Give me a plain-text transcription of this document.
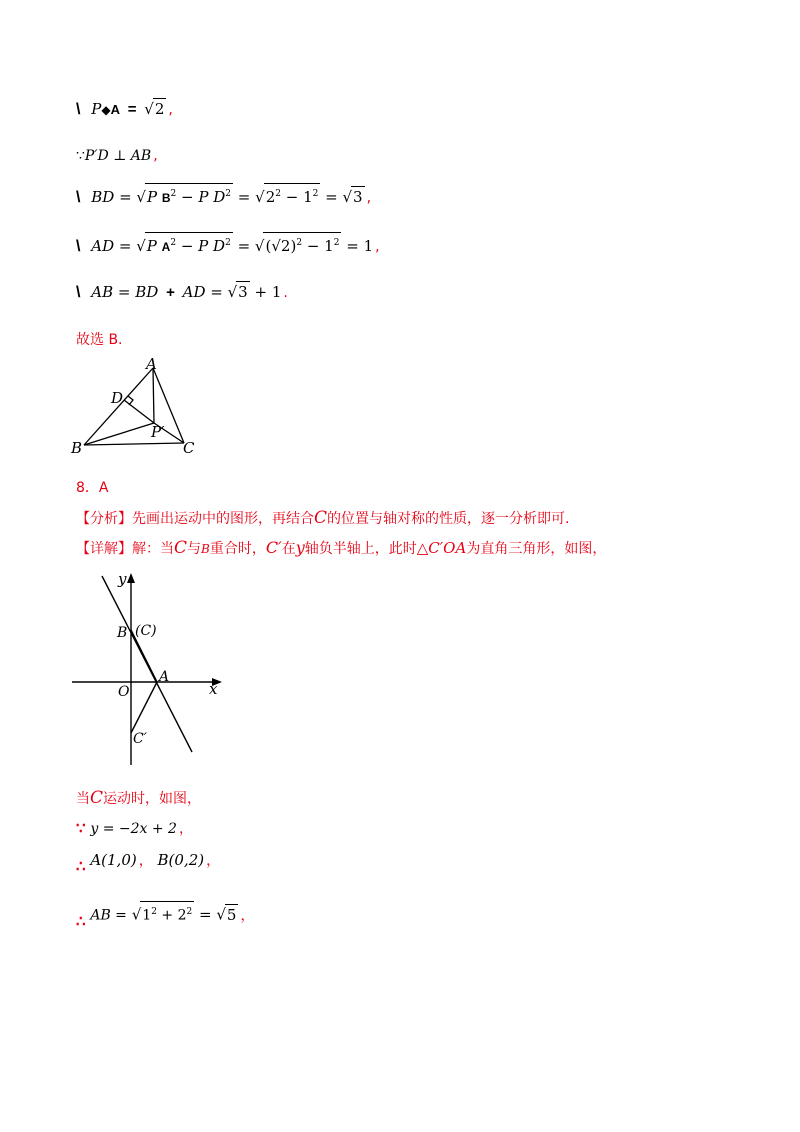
\ P◆A = √2 ,
∵P′D ⊥ AB ,
\ BD = √P $B^2 - P$ $D^2 = √2^2 - 1^2 = √3$ ,
\ AD = √P $A^2 - P$ $D^2 = √(√2)^2 - 1^2 = 1$ ,
\ AB = BD + AD = √3 + 1 .
故选 B.
A
D
B
P′
C
8．A
【分析】先画出运动中的图形，再结合C的位置与轴对称的性质，逐一分析即可.
【详解】解：当C与B重合时，C′在y轴负半轴上，此时△C′OA为直角三角形，如图，
y
x
B (C)
A
O
C′
当C运动时，如图，
∵ y = −2x + 2 ，
∴ A(1,0) ， B(0,2) ，
∴ AB = $√1^2 + 2^2 = √5$ ，
